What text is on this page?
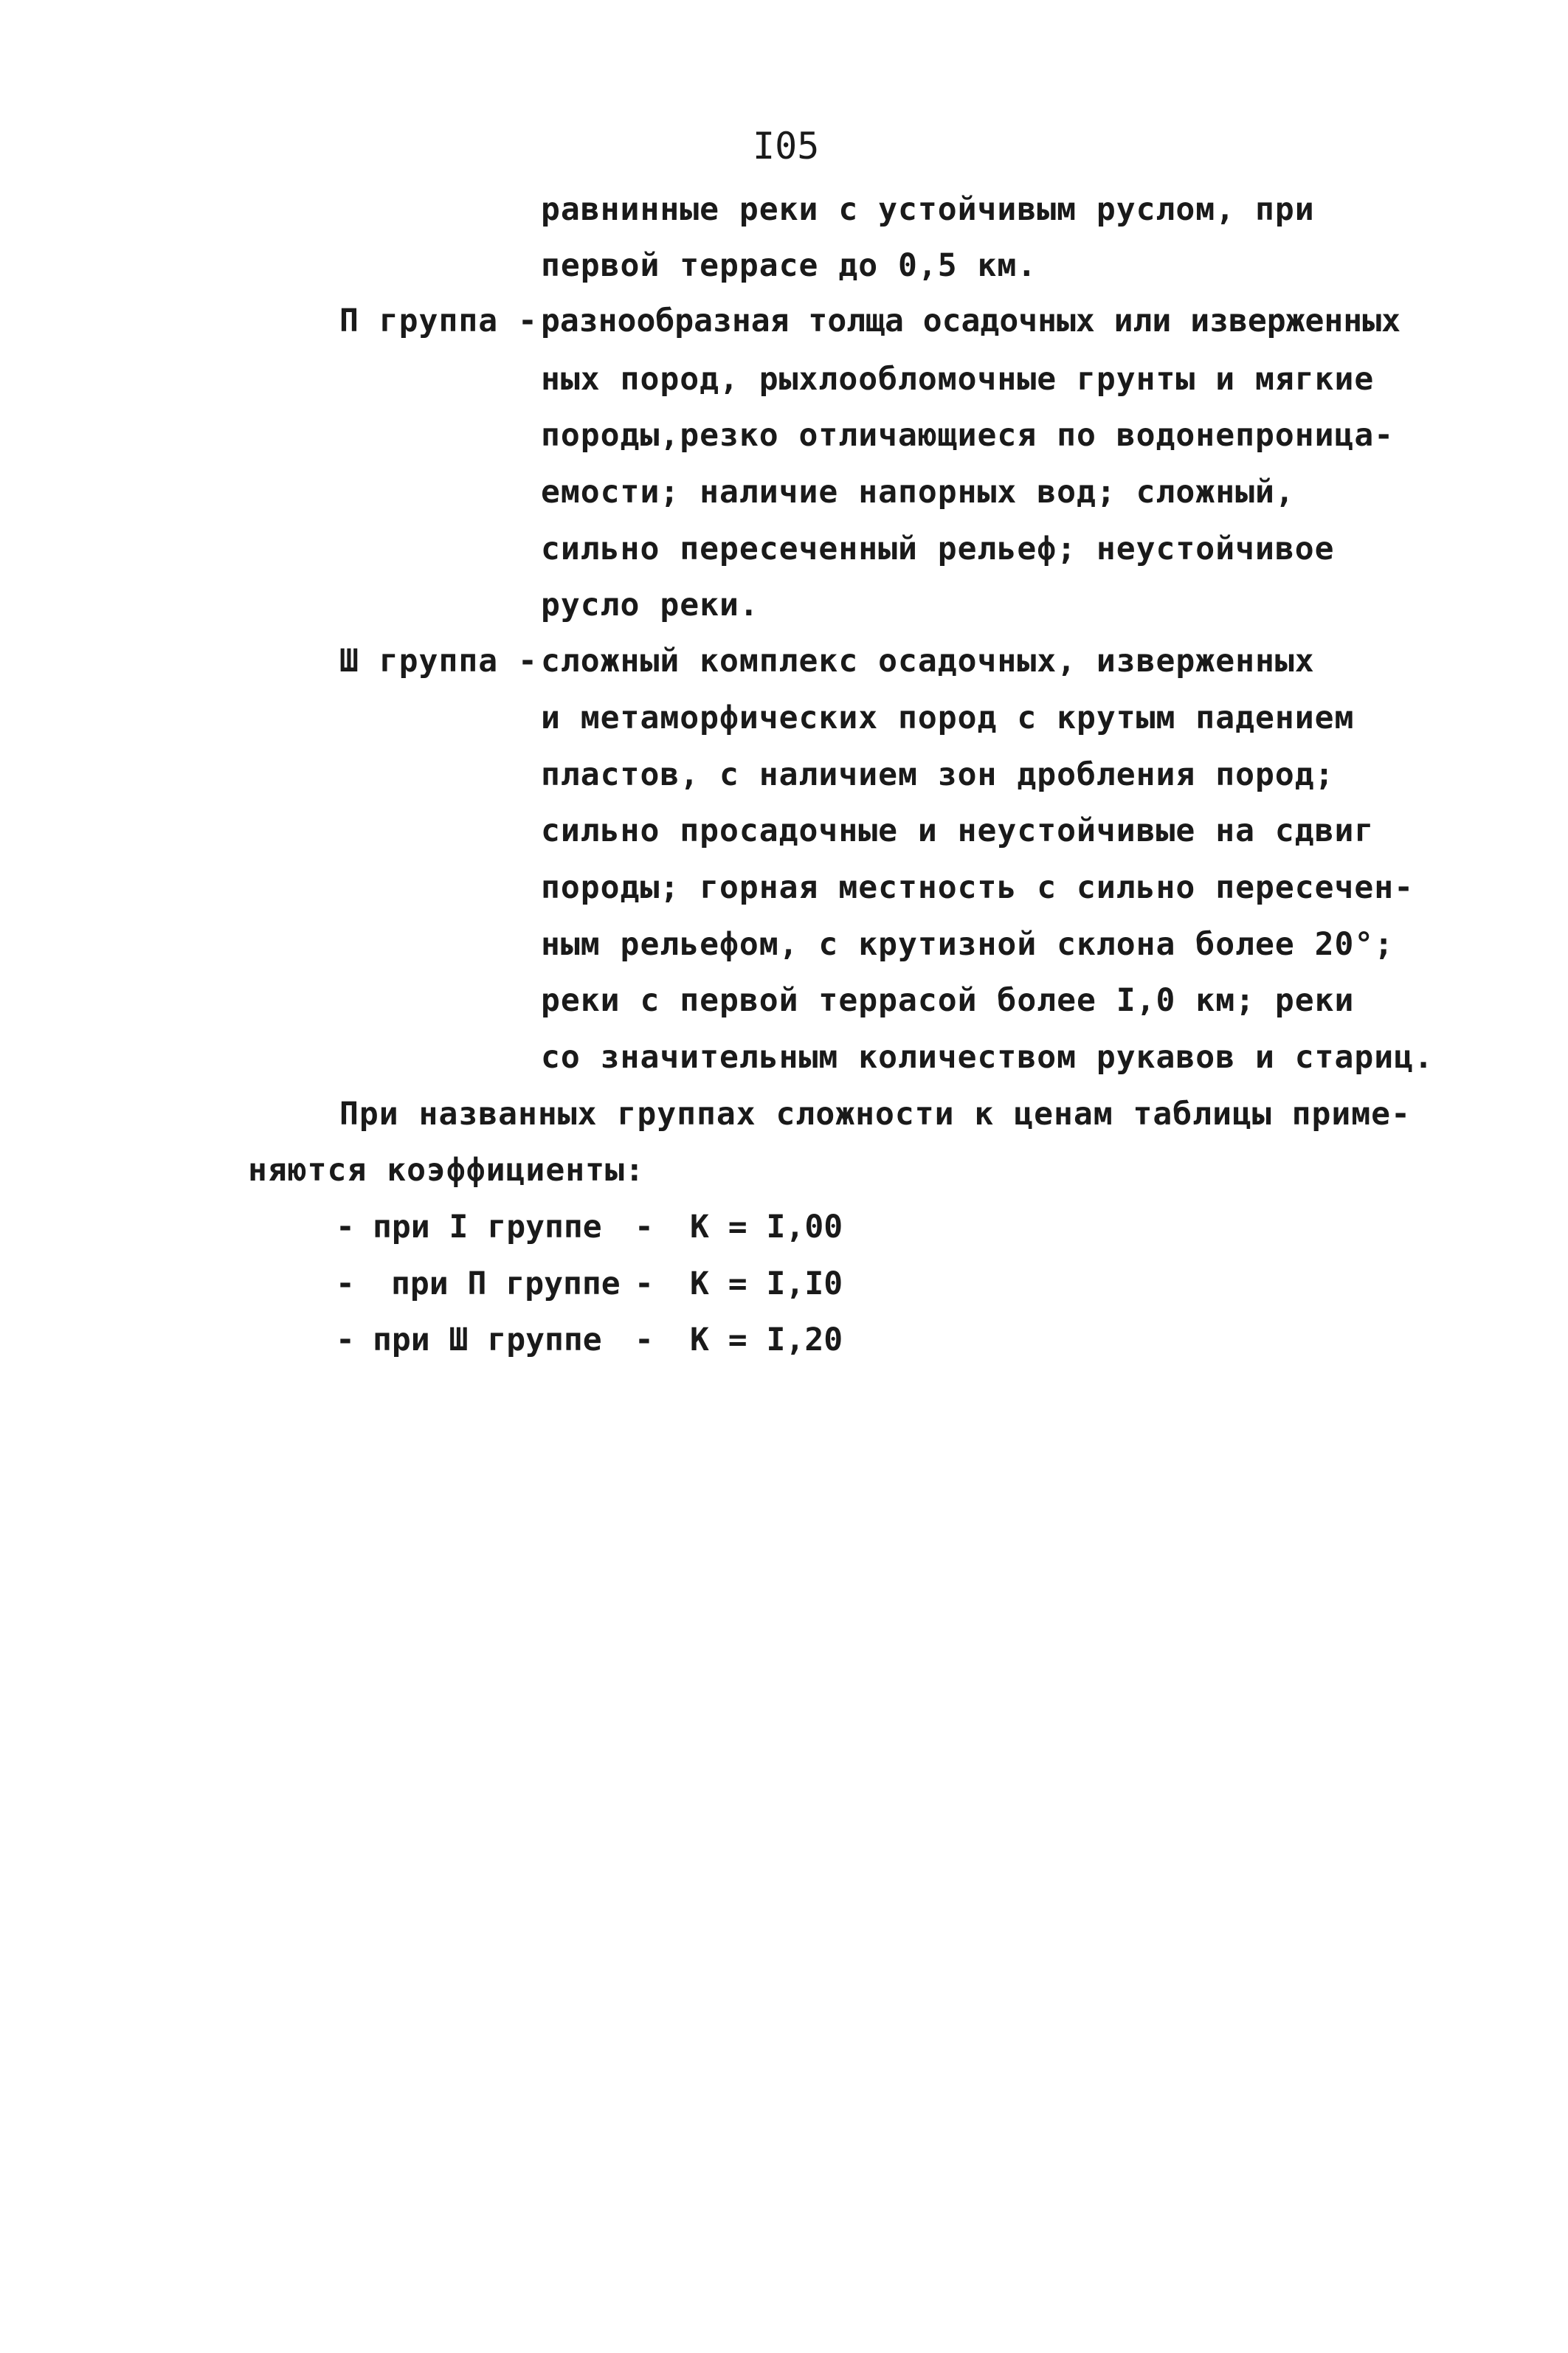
I05
равнинные реки с устойчивым руслом, при
первой террасе до 0,5 км.
П группа - разнообразная толща осадочных или изверженных
ных пород, рыхлообломочные грунты и мягкие
породы,резко отличающиеся по водонепроница-
емости; наличие напорных вод; сложный,
сильно пересеченный рельеф; неустойчивое
русло реки.
Ш группа - сложный комплекс осадочных, изверженных
и метаморфических пород с крутым падением
пластов, с наличием зон дробления пород;
сильно просадочные и неустойчивые на сдвиг
породы; горная местность с сильно пересечен-
ным рельефом, с крутизной склона более 20°;
реки с первой террасой более I,0 км; реки
со значительным количеством рукавов и стариц.
При названных группах сложности к ценам таблицы приме-
няются коэффициенты:
- при I группе - K = I,00
- при П группе - K = I,I0
- при Ш группе - K = I,20
